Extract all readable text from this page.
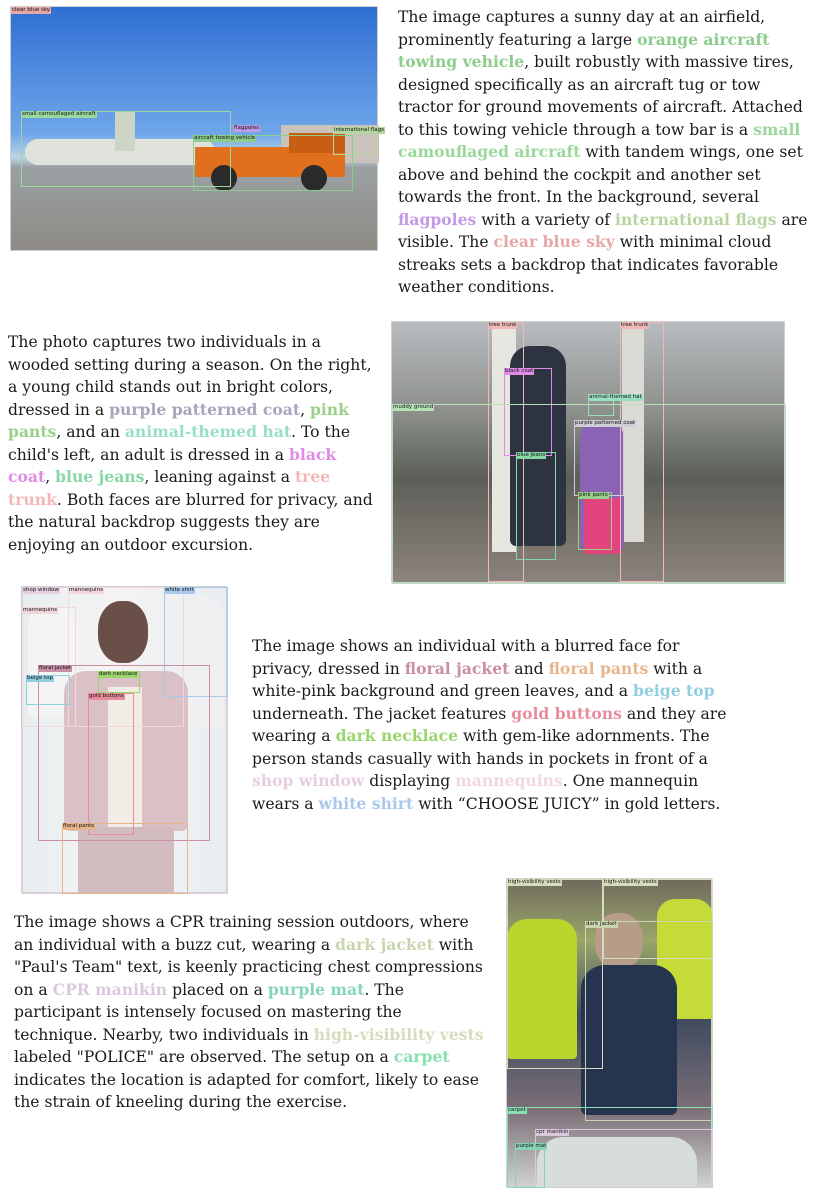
clear blue sky
small camouflaged aircraft
flagpoles	international flags
aircraft towing vehicle

The image captures a sunny day at an airfield, prominently featuring a large orange aircraft towing vehicle, built robustly with massive tires, designed specifically as an aircraft tug or tow tractor for ground movements of aircraft. Attached to this towing vehicle through a tow bar is a small camouflaged aircraft with tandem wings, one set above and behind the cockpit and another set towards the front. In the background, several flagpoles with a variety of international flags are visible. The clear blue sky with minimal cloud streaks sets a backdrop that indicates favorable weather conditions.

The photo captures two individuals in a wooded setting during a season. On the right, a young child stands out in bright colors, dressed in a purple patterned coat, pink pants, and an animal-themed hat. To the child's left, an adult is dressed in a black coat, blue jeans, leaning against a tree trunk. Both faces are blurred for privacy, and the natural backdrop suggests they are enjoying an outdoor excursion.

tree trunk	tree trunk
black coat
muddy ground
animal-themed hat
purple patterned coat
blue jeans
pink pants
shop window mannequins
mannequins
white shirt
floral jacket
dark necklace
beige top
gold buttons
floral pants

The image shows an individual with a blurred face for privacy, dressed in floral jacket and floral pants with a white-pink background and green leaves, and a beige top underneath. The jacket features gold buttons and they are wearing a dark necklace with gem-like adornments. The person stands casually with hands in pockets in front of a shop window displaying mannequins. One mannequin wears a white shirt with “CHOOSE JUICY” in gold letters.

The image shows a CPR training session outdoors, where an individual with a buzz cut, wearing a dark jacket with "Paul's Team" text, is keenly practicing chest compressions on a CPR manikin placed on a purple mat. The participant is intensely focused on mastering the technique. Nearby, two individuals in high-visibility vests labeled "POLICE" are observed. The setup on a carpet indicates the location is adapted for comfort, likely to ease the strain of kneeling during the exercise.

high-visibility vests	high-visibility vests
dark jacket
carpet
cpr manikin
purple mat
